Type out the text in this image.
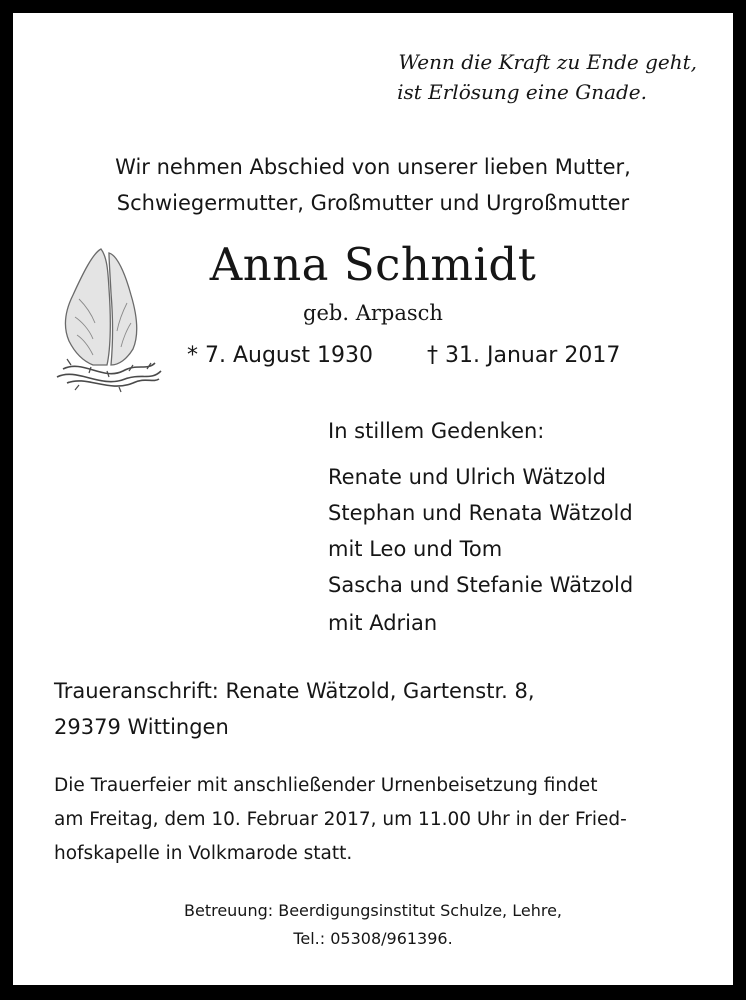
Wenn die Kraft zu Ende geht,
ist Erlösung eine Gnade.
Wir nehmen Abschied von unserer lieben Mutter,
Schwiegermutter, Großmutter und Urgroßmutter
Anna Schmidt
geb. Arpasch
* 7. August 1930 † 31. Januar 2017
In stillem Gedenken:
Renate und Ulrich Wätzold
Stephan und Renata Wätzold
mit Leo und Tom
Sascha und Stefanie Wätzold
mit Adrian
Traueranschrift: Renate Wätzold, Gartenstr. 8,
29379 Wittingen
Die Trauerfeier mit anschließender Urnenbeisetzung findet
am Freitag, dem 10. Februar 2017, um 11.00 Uhr in der Fried-
hofskapelle in Volkmarode statt.
Betreuung: Beerdigungsinstitut Schulze, Lehre,
Tel.: 05308/961396.
